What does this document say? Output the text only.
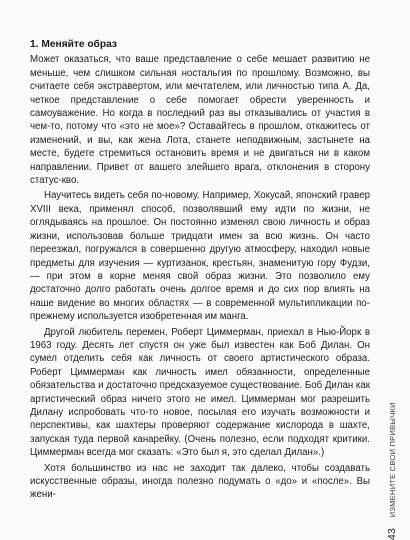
1. Меняйте образ

Может оказаться, что ваше представление о себе мешает развитию не меньше, чем слишком сильная ностальгия по прошлому. Возможно, вы считаете себя экстравертом, или мечтателем, или личностью типа А. Да, четкое представление о себе помогает обрести уверенность и самоуважение. Но когда в последний раз вы отказывались от участия в чем-то, потому что «это не мое»? Оставайтесь в прошлом, откажитесь от изменений, и вы, как жена Лота, станете неподвижным, застынете на месте, будете стремиться остановить время и не двигаться ни в каком направлении. Привет от вашего злейшего врага, отклонения в сторону статус-кво.

Научитесь видеть себя по-новому. Например, Хокусай, японский гравер XVIII века, применял способ, позволявший ему идти по жизни, не оглядываясь на прошлое. Он постоянно изменял свою личность и образ жизни, использовав больше тридцати имен за всю жизнь. Он часто переезжал, погружался в совершенно другую атмосферу, находил новые предметы для изучения — куртизанок, крестьян, знаменитую гору Фудзи, — при этом в корне меняя свой образ жизни. Это позволило ему достаточно долго работать очень долгое время и до сих пор влиять на наше видение во многих областях — в современной мультипликации по-прежнему используется изобретенная им манга.

Другой любитель перемен, Роберт Циммерман, приехал в Нью-Йорк в 1963 году. Десять лет спустя он уже был известен как Боб Дилан. Он сумел отделить себя как личность от своего артистического образа. Роберт Циммерман как личность имел обязанности, определенные обязательства и достаточно предсказуемое существование. Боб Дилан как артистический образ ничего этого не имел. Циммерман мог разрешить Дилану испробовать что-то новое, посылая его изучать возможности и перспективы, как шахтеры проверяют содержание кислорода в шахте, запуская туда первой канарейку. (Очень полезно, если подходят критики. Циммерман всегда мог сказать: «Это был я, это сделал Дилан».)

Хотя большинство из нас не заходит так далеко, чтобы создавать искусственные образы, иногда полезно подумать о «до» и «после». Вы жени-

43 ИЗМЕНИТЕ СВОИ ПРИВЫЧКИ
